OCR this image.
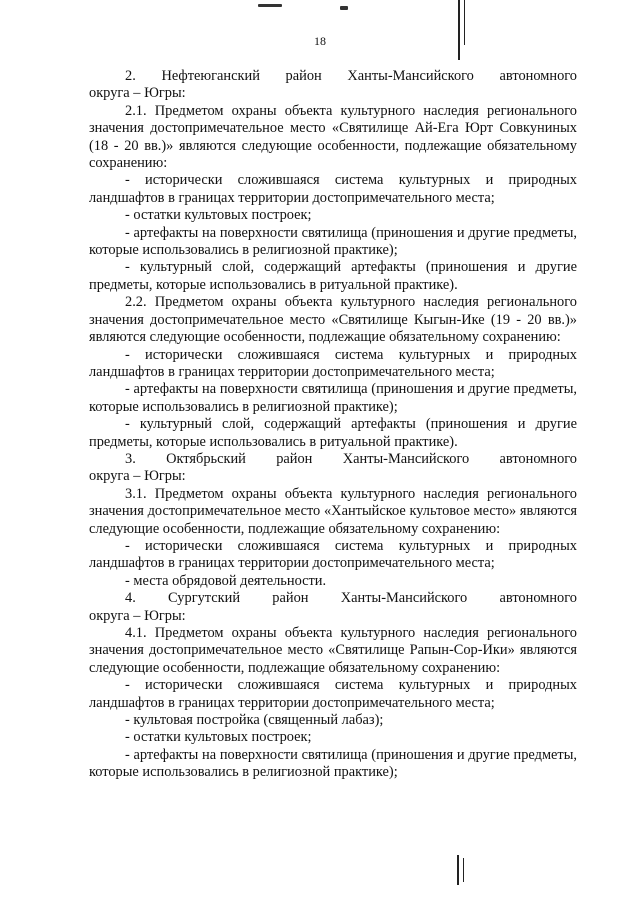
18

2.     Нефтеюганский     район     Ханты-Мансийского     автономного

округа – Югры:

2.1. Предметом охраны объекта культурного наследия регионального значения достопримечательное место «Святилище Ай-Ега Юрт Совкуниных (18 - 20 вв.)» являются следующие особенности, подлежащие обязательному сохранению:

- исторически сложившаяся система культурных и природных ландшафтов в границах территории достопримечательного места;

- остатки культовых построек;

- артефакты на поверхности святилища (приношения и другие предметы, которые использовались в религиозной практике);

- культурный слой, содержащий артефакты (приношения и другие предметы, которые использовались в ритуальной практике).

2.2. Предметом охраны объекта культурного наследия регионального значения достопримечательное место «Святилище Кыгын-Ике (19 - 20 вв.)» являются следующие особенности, подлежащие обязательному сохранению:

- исторически сложившаяся система культурных и природных ландшафтов в границах территории достопримечательного места;

- артефакты на поверхности святилища (приношения и другие предметы, которые использовались в религиозной практике);

- культурный слой, содержащий артефакты (приношения и другие предметы, которые использовались в ритуальной практике).

3.     Октябрьский     район     Ханты-Мансийского     автономного

округа – Югры:

3.1. Предметом охраны объекта культурного наследия регионального значения достопримечательное место «Хантыйское культовое место» являются следующие особенности, подлежащие обязательному сохранению:

- исторически сложившаяся система культурных и природных ландшафтов в границах территории достопримечательного места;

- места обрядовой деятельности.

4.     Сургутский     район     Ханты-Мансийского     автономного

округа – Югры:

4.1. Предметом охраны объекта культурного наследия регионального значения достопримечательное место «Святилище Рапын-Сор-Ики» являются следующие особенности, подлежащие обязательному сохранению:

- исторически сложившаяся система культурных и природных ландшафтов в границах территории достопримечательного места;

- культовая постройка (священный лабаз);

- остатки культовых построек;

- артефакты на поверхности святилища (приношения и другие предметы, которые использовались в религиозной практике);
